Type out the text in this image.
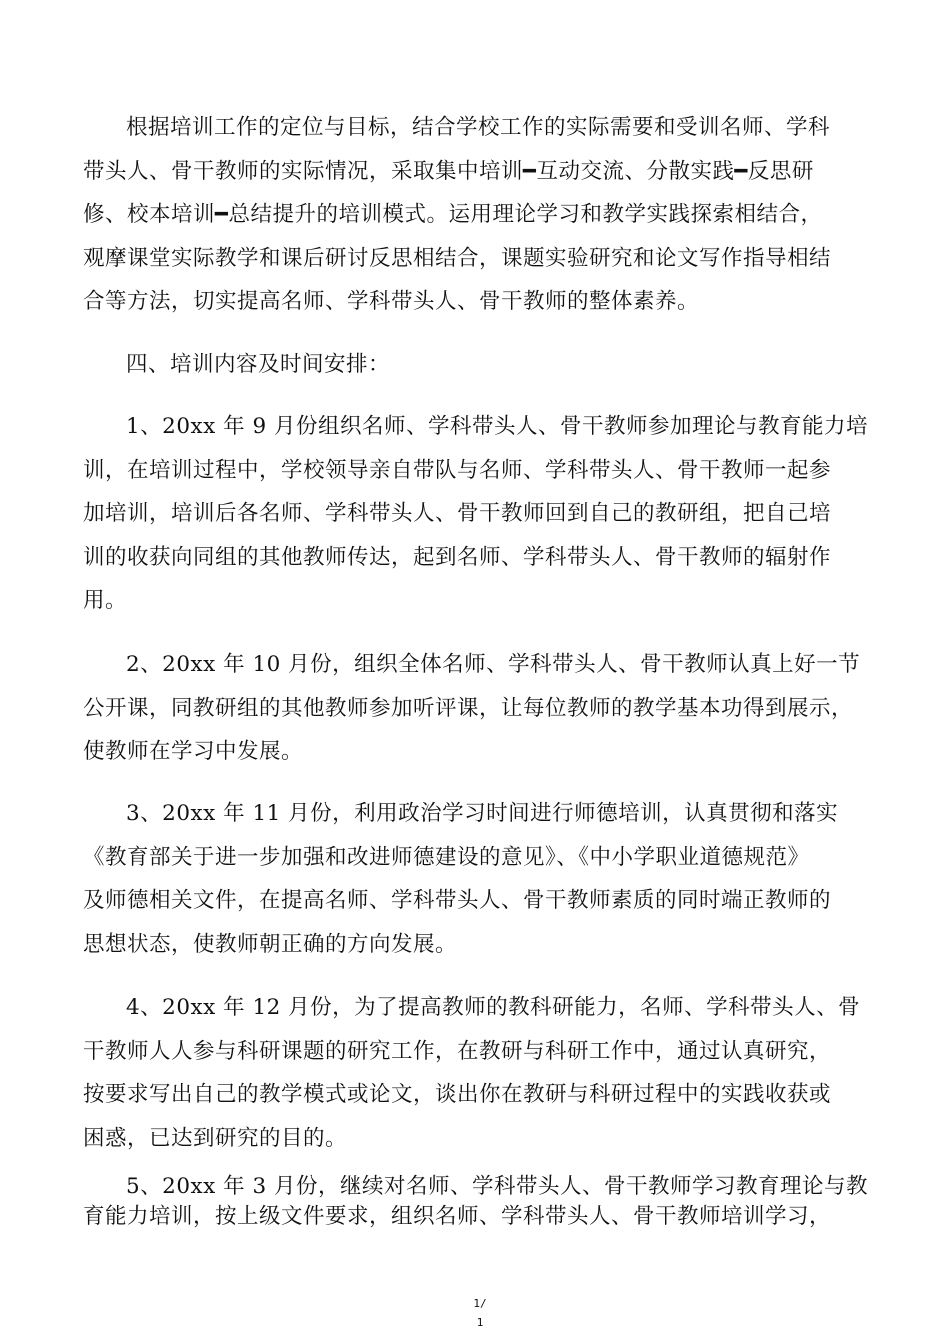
根据培训工作的定位与目标，结合学校工作的实际需要和受训名师、学科
带头人、骨干教师的实际情况，采取集中培训━互动交流、分散实践━反思研
修、校本培训━总结提升的培训模式。运用理论学习和教学实践探索相结合，
观摩课堂实际教学和课后研讨反思相结合，课题实验研究和论文写作指导相结
合等方法，切实提高名师、学科带头人、骨干教师的整体素养。

四、培训内容及时间安排：

1、20xx 年 9 月份组织名师、学科带头人、骨干教师参加理论与教育能力培
训，在培训过程中，学校领导亲自带队与名师、学科带头人、骨干教师一起参
加培训，培训后各名师、学科带头人、骨干教师回到自己的教研组，把自己培
训的收获向同组的其他教师传达，起到名师、学科带头人、骨干教师的辐射作
用。

2、20xx 年 10 月份，组织全体名师、学科带头人、骨干教师认真上好一节
公开课，同教研组的其他教师参加听评课，让每位教师的教学基本功得到展示，
使教师在学习中发展。

3、20xx 年 11 月份，利用政治学习时间进行师德培训，认真贯彻和落实
《教育部关于进一步加强和改进师德建设的意见》、《中小学职业道德规范》
及师德相关文件，在提高名师、学科带头人、骨干教师素质的同时端正教师的
思想状态，使教师朝正确的方向发展。

4、20xx 年 12 月份，为了提高教师的教科研能力，名师、学科带头人、骨
干教师人人参与科研课题的研究工作，在教研与科研工作中，通过认真研究，
按要求写出自己的教学模式或论文，谈出你在教研与科研过程中的实践收获或
困惑，已达到研究的目的。

5、20xx 年 3 月份，继续对名师、学科带头人、骨干教师学习教育理论与教
育能力培训，按上级文件要求，组织名师、学科带头人、骨干教师培训学习，

1/
1
